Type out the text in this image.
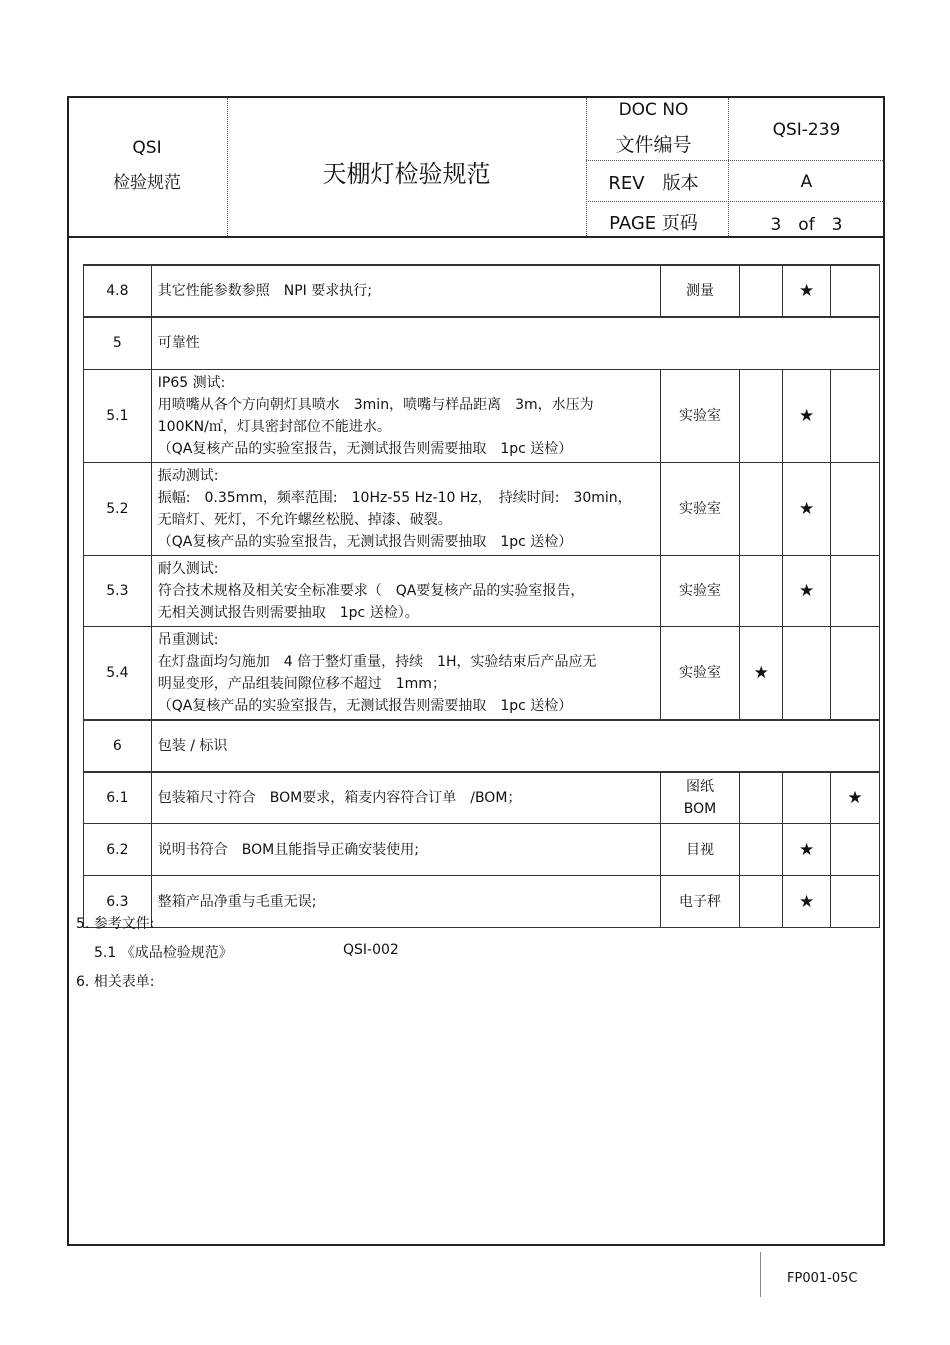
QSI
检验规范	天棚灯检验规范
DOC NO
文件编号
QSI-239
REV　版本	A
PAGE 页码	3　of　3
4.8	其它性能参数参照　NPI 要求执行;	测量		★	
5	可靠性				

5.1	IP65 测试:
用喷嘴从各个方向朝灯具喷水　3min，喷嘴与样品距离　3m，水压为
100KN/㎡，灯具密封部位不能进水。
（QA复核产品的实验室报告，无测试报告则需要抽取　1pc 送检）	实验室		★	
5.2	振动测试:
振幅:　0.35mm，频率范围:　10Hz-55 Hz-10 Hz，　持续时间:　30min，
无暗灯、死灯，不允许螺丝松脱、掉漆、破裂。
（QA复核产品的实验室报告，无测试报告则需要抽取　1pc 送检）	实验室		★	
5.3	耐久测试:
符合技术规格及相关安全标准要求（　QA要复核产品的实验室报告，
无相关测试报告则需要抽取　1pc 送检）。	实验室		★	
5.4	吊重测试:
在灯盘面均匀施加　4 倍于整灯重量，持续　1H，实验结束后产品应无
明显变形，产品组装间隙位移不超过　1mm；
（QA复核产品的实验室报告，无测试报告则需要抽取　1pc 送检）	实验室	★		
6	包装 / 标识				

6.1	包装箱尺寸符合　BOM要求，箱麦内容符合订单　/BOM；	图纸
BOM			★
6.2	说明书符合　BOM且能指导正确安装使用;	目视		★	
6.3	整箱产品净重与毛重无误;	电子秤		★	
5. 参考文件:
5.1 《成品检验规范》	QSI-002
6. 相关表单:
FP001-05C
